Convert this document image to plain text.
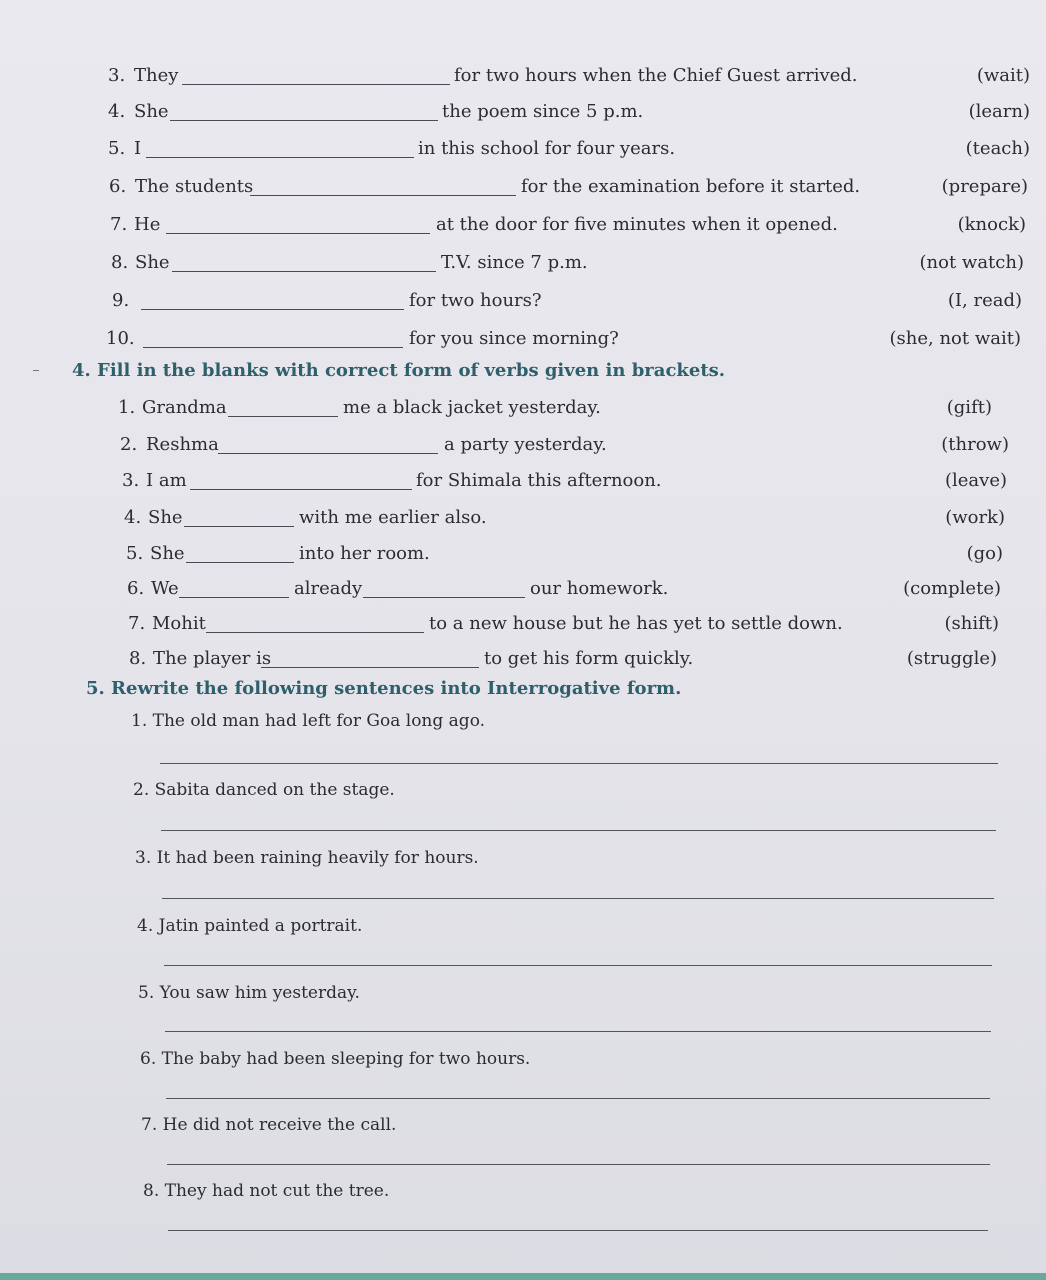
3. They	for two hours when the Chief Guest arrived.	(wait)
4. She	the poem since 5 p.m.	(learn)
5. I	in this school for four years.	(teach)
6. The students	for the examination before it started.	(prepare)
7. He	at the door for five minutes when it opened.	(knock)
8. She	T.V. since 7 p.m.	(not watch)
9.	for two hours?	(I, read)
10.	for you since morning?	(she, not wait)
4. Fill in the blanks with correct form of verbs given in brackets.
1. Grandma	me a black jacket yesterday.	(gift)
2. Reshma	a party yesterday.	(throw)
3. I am	for Shimala this afternoon.	(leave)
4. She	with me earlier also.	(work)
5. She	into her room.	(go)
6. We	already	our homework.	(complete)
7. Mohit	to a new house but he has yet to settle down.	(shift)
8. The player is	to get his form quickly.	(struggle)
5. Rewrite the following sentences into Interrogative form.
1. The old man had left for Goa long ago.
2. Sabita danced on the stage.
3. It had been raining heavily for hours.
4. Jatin painted a portrait.
5. You saw him yesterday.
6. The baby had been sleeping for two hours.
7. He did not receive the call.
8. They had not cut the tree.
